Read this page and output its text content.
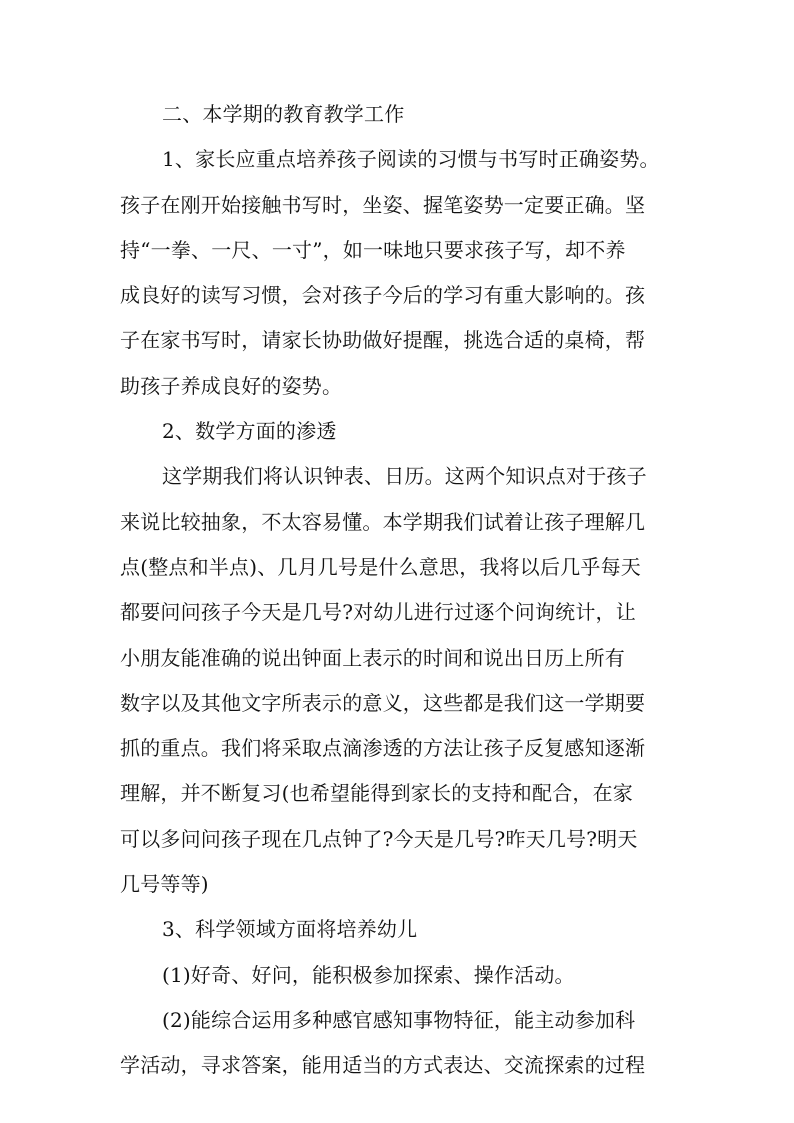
二、本学期的教育教学工作
1、家长应重点培养孩子阅读的习惯与书写时正确姿势。
孩子在刚开始接触书写时，坐姿、握笔姿势一定要正确。坚
持“一拳、一尺、一寸”，如一味地只要求孩子写，却不养
成良好的读写习惯，会对孩子今后的学习有重大影响的。孩
子在家书写时，请家长协助做好提醒，挑选合适的桌椅，帮
助孩子养成良好的姿势。
2、数学方面的渗透
这学期我们将认识钟表、日历。这两个知识点对于孩子
来说比较抽象，不太容易懂。本学期我们试着让孩子理解几
点(整点和半点)、几月几号是什么意思，我将以后几乎每天
都要问问孩子今天是几号?对幼儿进行过逐个问询统计，让
小朋友能准确的说出钟面上表示的时间和说出日历上所有
数字以及其他文字所表示的意义，这些都是我们这一学期要
抓的重点。我们将采取点滴渗透的方法让孩子反复感知逐渐
理解，并不断复习(也希望能得到家长的支持和配合，在家
可以多问问孩子现在几点钟了?今天是几号?昨天几号?明天
几号等等)
3、科学领域方面将培养幼儿
(1)好奇、好问，能积极参加探索、操作活动。
(2)能综合运用多种感官感知事物特征，能主动参加科
学活动，寻求答案，能用适当的方式表达、交流探索的过程
